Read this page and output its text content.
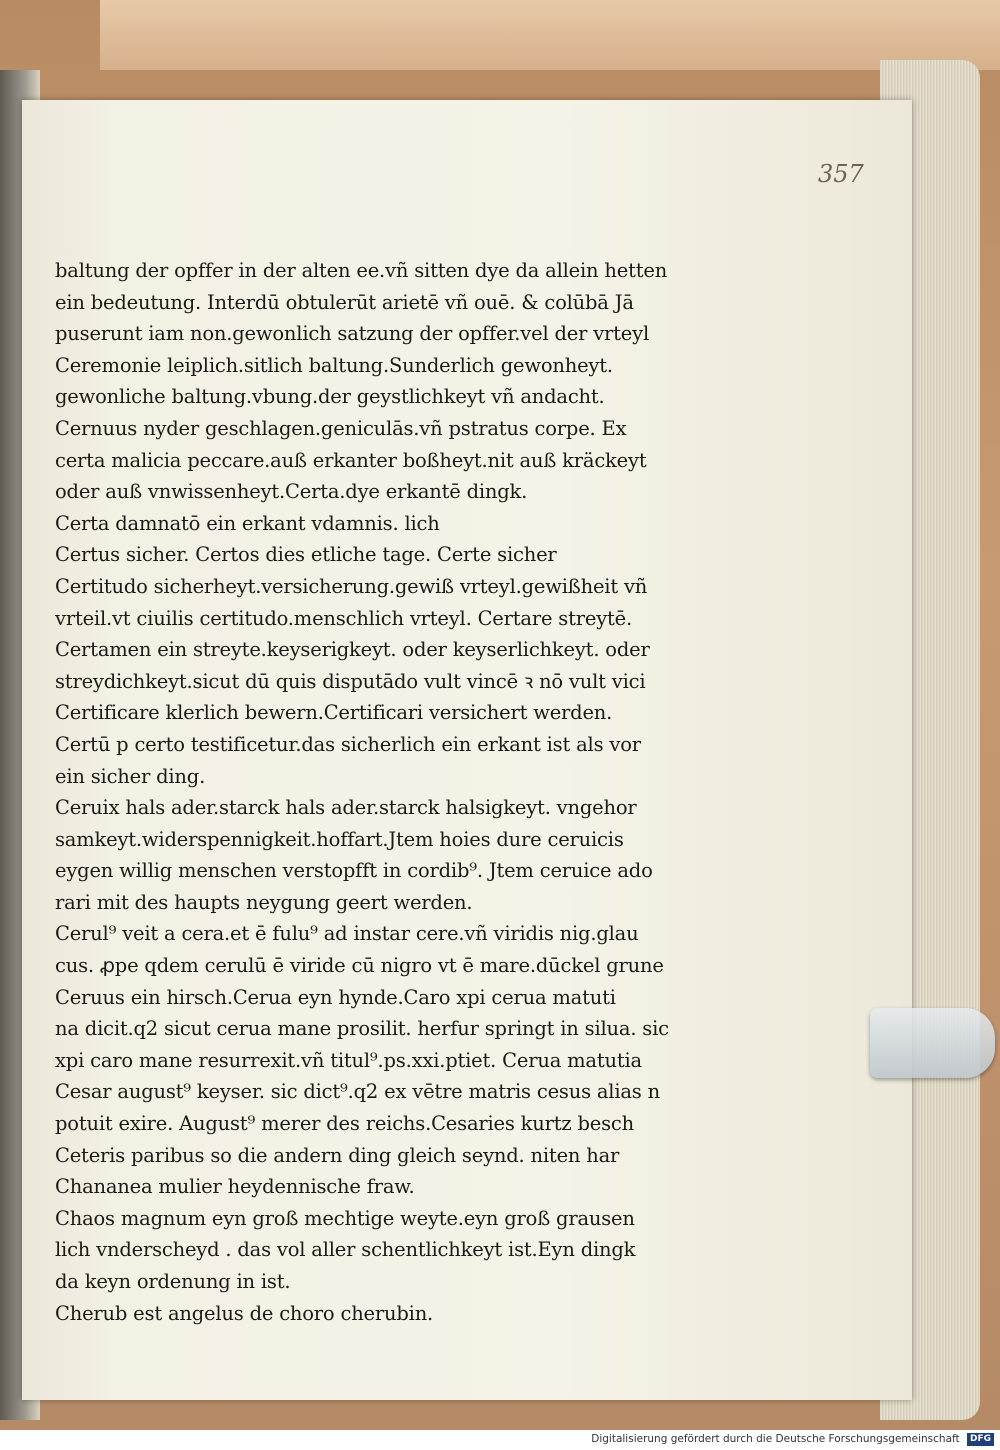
357
baltung der opffer in der alten ee.vñ sitten dye da allein hetten
ein bedeutung. Interdū obtulerūt arietē vñ ouē. & colūbā Jā
puserunt iam non.gewonlich satzung der opffer.vel der vrteyl
Ceremonie leiplich.sitlich baltung.Sunderlich gewonheyt.
gewonliche baltung.vbung.der geystlichkeyt vñ andacht.
Cernuus nyder geschlagen.geniculās.vñ pstratus corpe. Ex
certa malicia peccare.auß erkanter boßheyt.nit auß kräckeyt
oder auß vnwissenheyt.Certa.dye erkantē dingk.
Certa damnatō ein erkant vdamnis. lich
Certus sicher. Certos dies etliche tage. Certe sicher
Certitudo sicherheyt.versicherung.gewiß vrteyl.gewißheit vñ
vrteil.vt ciuilis certitudo.menschlich vrteyl. Certare streytē.
Certamen ein streyte.keyserigkeyt. oder keyserlichkeyt. oder
streydichkeyt.sicut dū quis disputādo vult vincē ꝛ nō vult vici
Certificare klerlich bewern.Certificari versichert werden.
Certū p certo testificetur.das sicherlich ein erkant ist als vor
ein sicher ding.
Ceruix hals ader.starck hals ader.starck halsigkeyt. vngehor
samkeyt.widerspennigkeit.hoffart.Jtem hoies dure ceruicis
eygen willig menschen verstopfft in cordib⁹. Jtem ceruice ado
rari mit des haupts neygung geert werden.
Cerul⁹ veit a cera.et ē fulu⁹ ad instar cere.vñ viridis nig.glau
cus. ꝓpe qdem cerulū ē viride cū nigro vt ē mare.dūckel grune
Ceruus ein hirsch.Cerua eyn hynde.Caro xpi cerua matuti
na dicit.q2 sicut cerua mane prosilit. herfur springt in silua. sic
xpi caro mane resurrexit.vñ titul⁹.ps.xxi.ptiet. Cerua matutia
Cesar august⁹ keyser. sic dict⁹.q2 ex vētre matris cesus alias n
potuit exire. August⁹ merer des reichs.Cesaries kurtz besch
Ceteris paribus so die andern ding gleich seynd. niten har
Chananea mulier heydennische fraw.
Chaos magnum eyn groß mechtige weyte.eyn groß grausen
lich vnderscheyd . das vol aller schentlichkeyt ist.Eyn dingk
da keyn ordenung in ist.
Cherub est angelus de choro cherubin.
Digitalisierung gefördert durch die Deutsche Forschungsgemeinschaft DFG
